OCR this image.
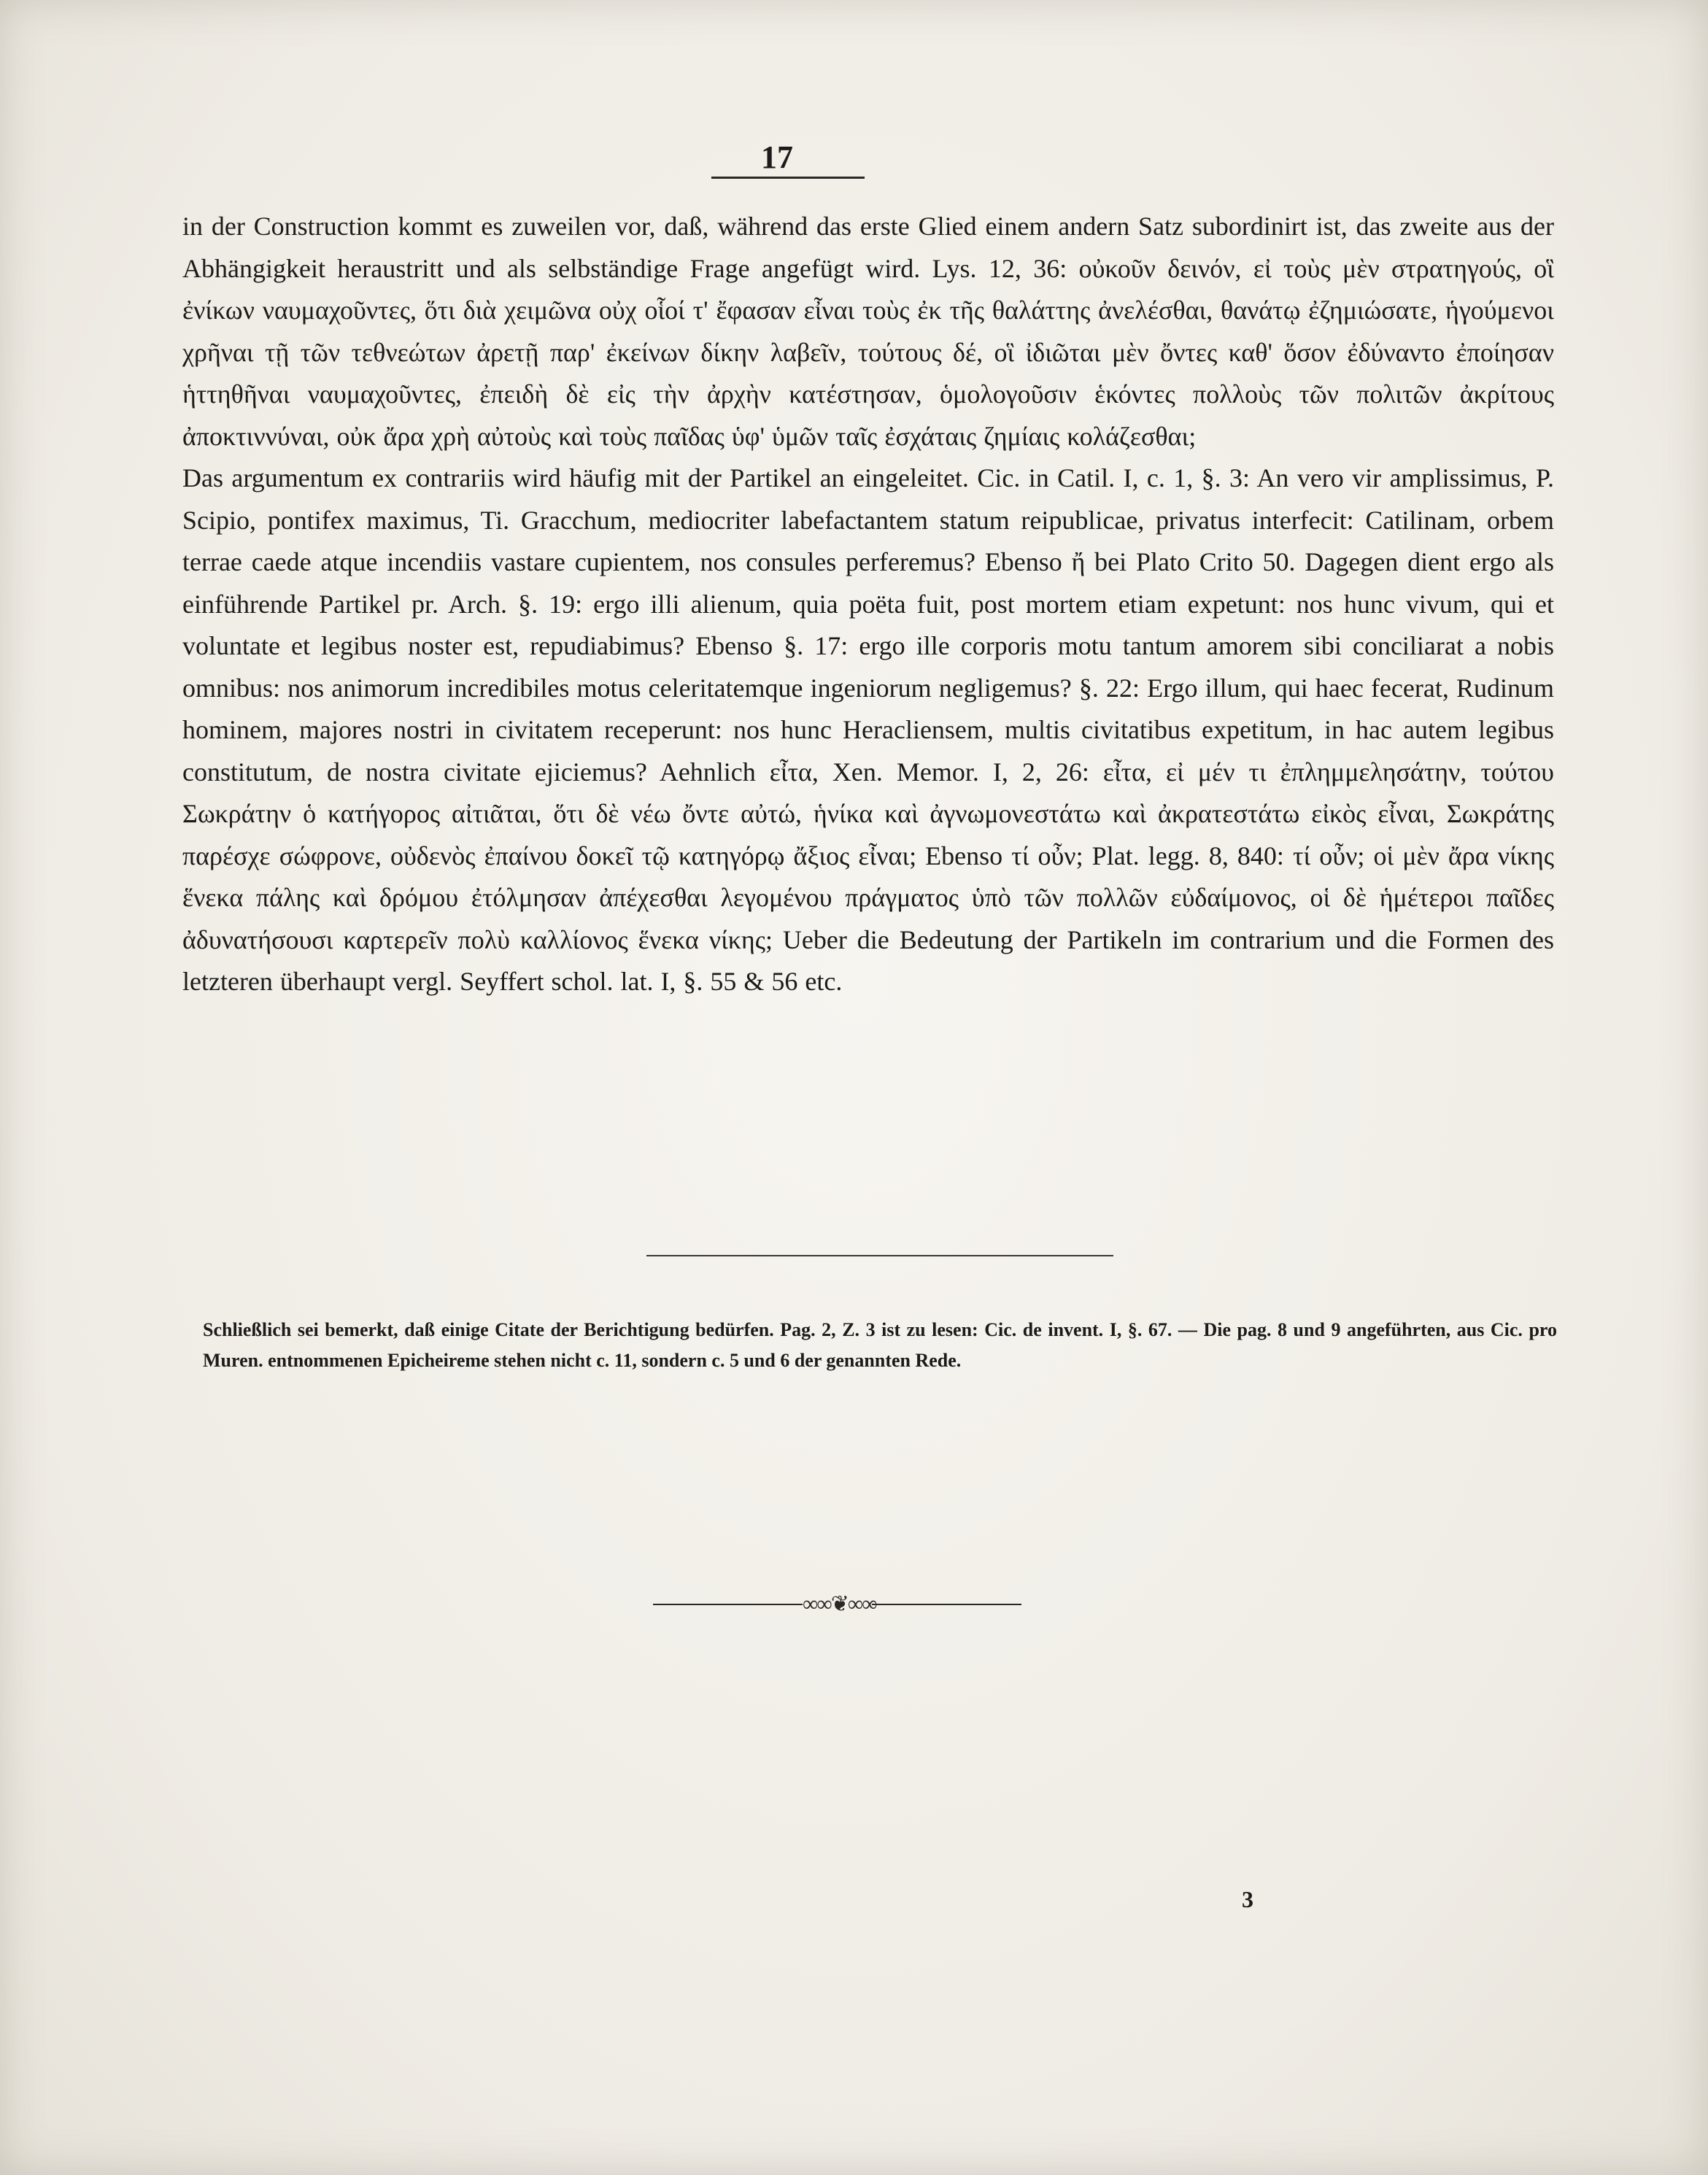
17

in der Construction kommt es zuweilen vor, daß, während das erste Glied einem andern Satz subordinirt ist, das zweite aus der Abhängigkeit heraustritt und als selbständige Frage angefügt wird. Lys. 12, 36: οὐκοῦν δεινόν, εἰ τοὺς μὲν στρατηγούς, οἳ ἐνίκων ναυμαχοῦντες, ὅτι διὰ χειμῶνα οὐχ οἷοί τ' ἔφασαν εἶναι τοὺς ἐκ τῆς θαλάττης ἀνελέσθαι, θανάτῳ ἐζημιώσατε, ἡγούμενοι χρῆναι τῇ τῶν τεθνεώτων ἀρετῇ παρ' ἐκείνων δίκην λαβεῖν, τούτους δέ, οἳ ἰδιῶται μὲν ὄντες καθ' ὅσον ἐδύναντο ἐποίησαν ἡττηθῆναι ναυμαχοῦντες, ἐπειδὴ δὲ εἰς τὴν ἀρχὴν κατέστησαν, ὁμολογοῦσιν ἑκόντες πολλοὺς τῶν πολιτῶν ἀκρίτους ἀποκτιννύναι, οὐκ ἄρα χρὴ αὐτοὺς καὶ τοὺς παῖδας ὑφ' ὑμῶν ταῖς ἐσχάταις ζημίαις κολάζεσθαι;

Das argumentum ex contrariis wird häufig mit der Partikel an eingeleitet. Cic. in Catil. I, c. 1, §. 3: An vero vir amplissimus, P. Scipio, pontifex maximus, Ti. Gracchum, mediocriter labefactantem statum reipublicae, privatus interfecit: Catilinam, orbem terrae caede atque incendiis vastare cupientem, nos consules perferemus? Ebenso ἤ bei Plato Crito 50. Dagegen dient ergo als einführende Partikel pr. Arch. §. 19: ergo illi alienum, quia poëta fuit, post mortem etiam expetunt: nos hunc vivum, qui et voluntate et legibus noster est, repudiabimus? Ebenso §. 17: ergo ille corporis motu tantum amorem sibi conciliarat a nobis omnibus: nos animorum incredibiles motus celeritatemque ingeniorum negligemus? §. 22: Ergo illum, qui haec fecerat, Rudinum hominem, majores nostri in civitatem receperunt: nos hunc Heracliensem, multis civitatibus expetitum, in hac autem legibus constitutum, de nostra civitate ejiciemus? Aehnlich εἶτα, Xen. Memor. I, 2, 26: εἶτα, εἰ μέν τι ἐπλημμελησάτην, τούτου Σωκράτην ὁ κατήγορος αἰτιᾶται, ὅτι δὲ νέω ὄντε αὐτώ, ἡνίκα καὶ ἀγνωμονεστάτω καὶ ἀκρατεστάτω εἰκὸς εἶναι, Σωκράτης παρέσχε σώφρονε, οὐδενὸς ἐπαίνου δοκεῖ τῷ κατηγόρῳ ἄξιος εἶναι; Ebenso τί οὖν; Plat. legg. 8, 840: τί οὖν; οἱ μὲν ἄρα νίκης ἕνεκα πάλης καὶ δρόμου ἐτόλμησαν ἀπέχεσθαι λεγομένου πράγματος ὑπὸ τῶν πολλῶν εὐδαίμονος, οἱ δὲ ἡμέτεροι παῖδες ἀδυνατήσουσι καρτερεῖν πολὺ καλλίονος ἕνεκα νίκης; Ueber die Bedeutung der Partikeln im contrarium und die Formen des letzteren überhaupt vergl. Seyffert schol. lat. I, §. 55 & 56 etc.

Schließlich sei bemerkt, daß einige Citate der Berichtigung bedürfen. Pag. 2, Z. 3 ist zu lesen: Cic. de invent. I, §. 67. — Die pag. 8 und 9 angeführten, aus Cic. pro Muren. entnommenen Epicheireme stehen nicht c. 11, sondern c. 5 und 6 der genannten Rede.

∞∞❦∞∞
3
